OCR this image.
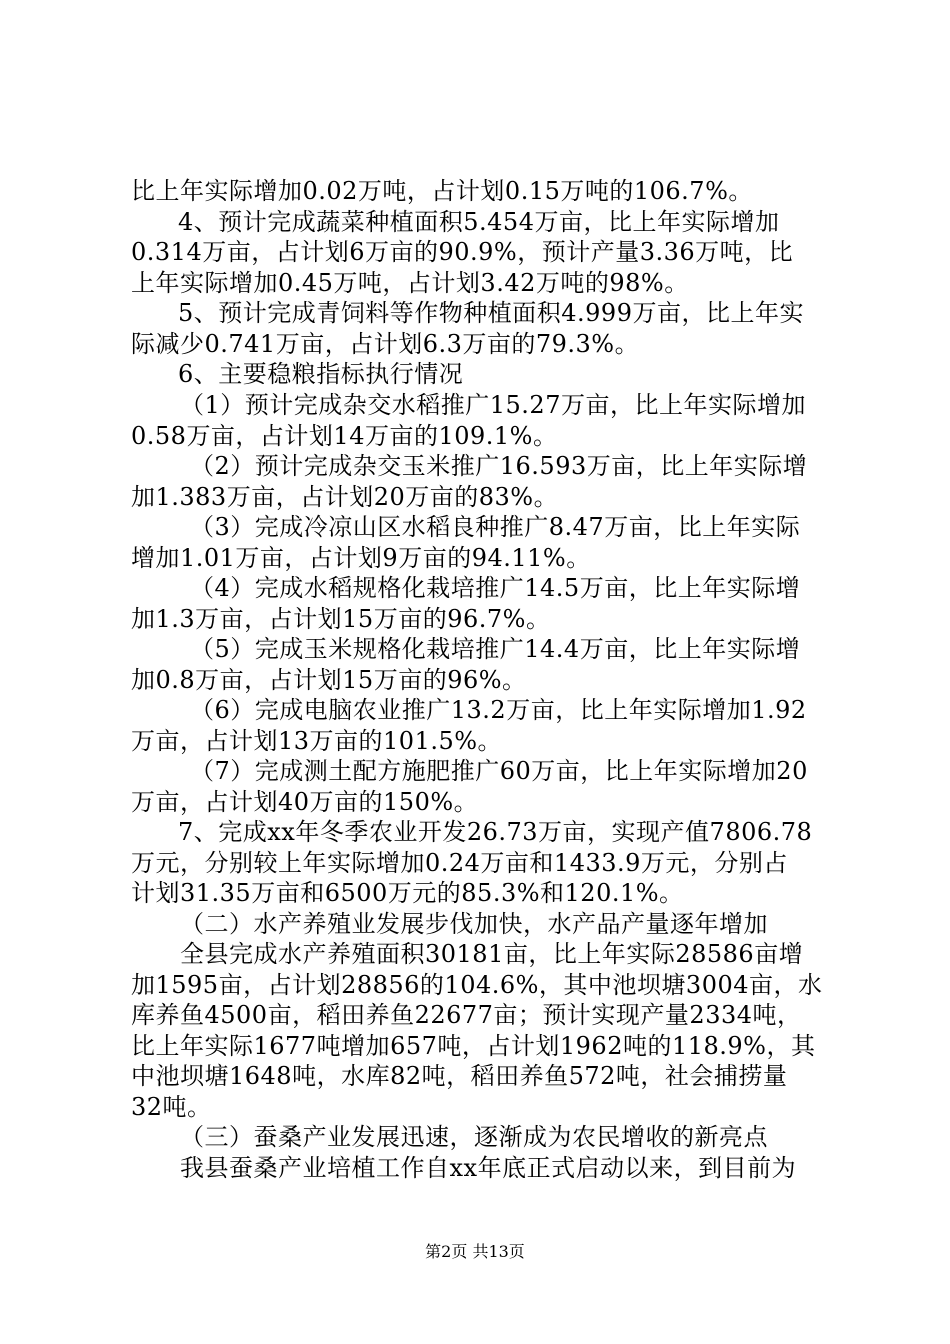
比上年实际增加0.02万吨，占计划0.15万吨的106.7%。
4、预计完成蔬菜种植面积5.454万亩，比上年实际增加
0.314万亩，占计划6万亩的90.9%，预计产量3.36万吨，比
上年实际增加0.45万吨，占计划3.42万吨的98%。
5、预计完成青饲料等作物种植面积4.999万亩，比上年实
际减少0.741万亩，占计划6.3万亩的79.3%。
6、主要稳粮指标执行情况
（1）预计完成杂交水稻推广15.27万亩，比上年实际增加
0.58万亩，占计划14万亩的109.1%。
（2）预计完成杂交玉米推广16.593万亩，比上年实际增
加1.383万亩，占计划20万亩的83%。
（3）完成冷凉山区水稻良种推广8.47万亩，比上年实际
增加1.01万亩，占计划9万亩的94.11%。
（4）完成水稻规格化栽培推广14.5万亩，比上年实际增
加1.3万亩，占计划15万亩的96.7%。
（5）完成玉米规格化栽培推广14.4万亩，比上年实际增
加0.8万亩，占计划15万亩的96%。
（6）完成电脑农业推广13.2万亩，比上年实际增加1.92
万亩，占计划13万亩的101.5%。
（7）完成测土配方施肥推广60万亩，比上年实际增加20
万亩，占计划40万亩的150%。
7、完成xx年冬季农业开发26.73万亩，实现产值7806.78
万元，分别较上年实际增加0.24万亩和1433.9万元，分别占
计划31.35万亩和6500万元的85.3%和120.1%。
（二）水产养殖业发展步伐加快，水产品产量逐年增加
全县完成水产养殖面积30181亩，比上年实际28586亩增
加1595亩，占计划28856的104.6%，其中池坝塘3004亩，水
库养鱼4500亩，稻田养鱼22677亩；预计实现产量2334吨，
比上年实际1677吨增加657吨，占计划1962吨的118.9%，其
中池坝塘1648吨，水库82吨，稻田养鱼572吨，社会捕捞量
32吨。
（三）蚕桑产业发展迅速，逐渐成为农民增收的新亮点
我县蚕桑产业培植工作自xx年底正式启动以来，到目前为
第2页 共13页
